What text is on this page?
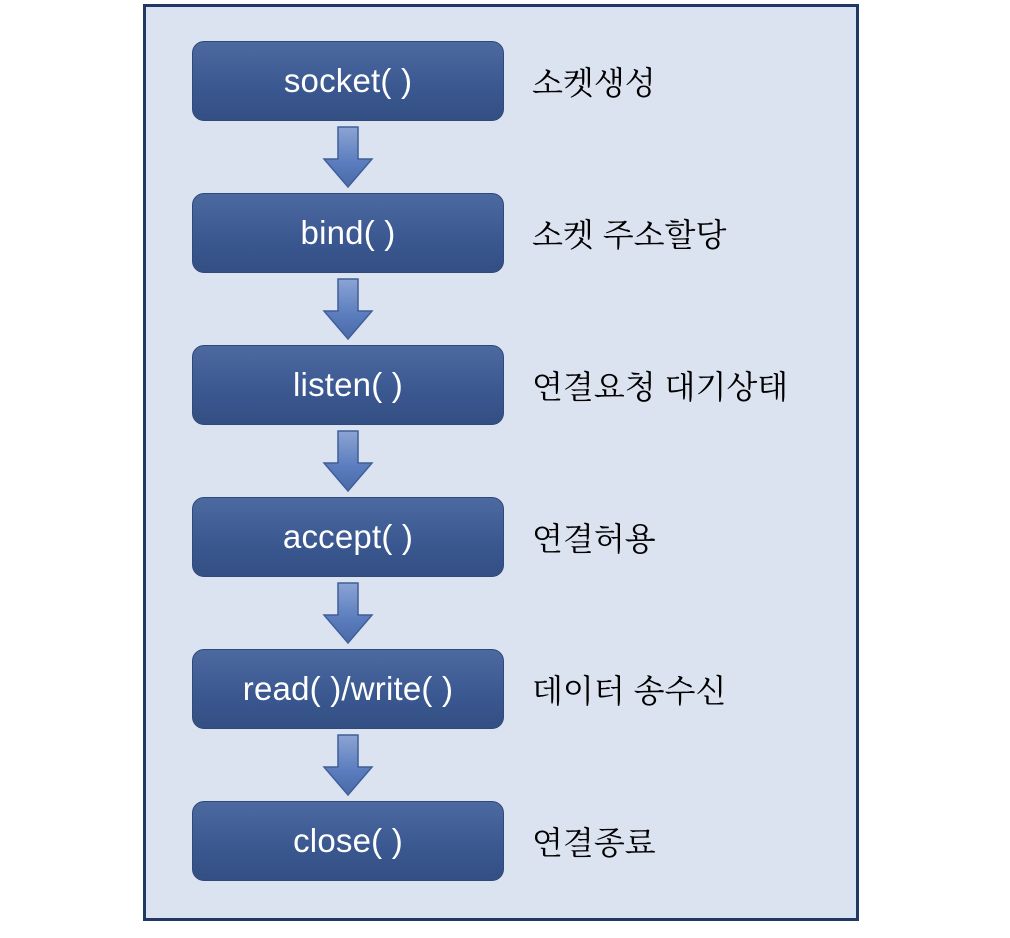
socket( )	소켓생성
bind( )	소켓 주소할당
listen( )	연결요청 대기상태
accept( )	연결허용
read( )/write( ) 데이터 송수신
close( )	연결종료
